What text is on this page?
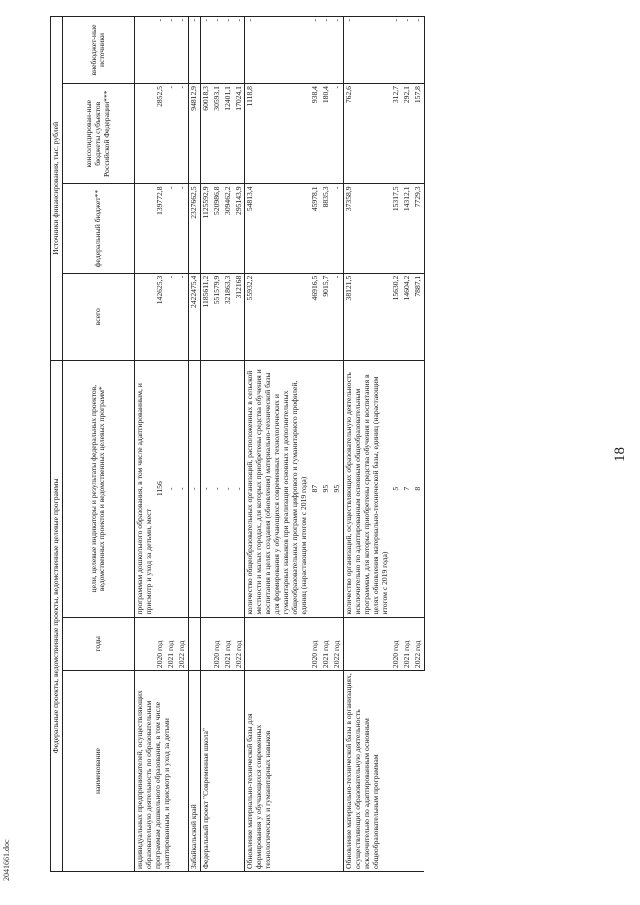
18
Федеральные проекты, ведомственные проекты, ведомственные целевые программы			Источники финансирования, тыс. рублей			
наименование	годы	цели, целевые индикаторы и результаты федеральных проектов, ведомственных проектов и ведомственных целевых программ*	всего	федеральный бюджет**	консолидирован-ные бюджеты субъектов Российской Федерации***	внебюджет-ные источники
индивидуальных предпринимателей, осуществляющих образовательную деятельность по образовательным программам дошкольного образования, в том числе адаптированным, и присмотр и уход за детьми		программам дошкольного образования, в том числе адаптированным, и присмотр и уход за детьми, мест				
	2020 год	1156	142625,3	139772,8	2852,5	-
	2021 год	-	-	-	-	-
	2022 год	-	-	-	-	-
Забайкальский край		-	2422475,4	2327662,5	94812,9	-
Федеральный проект "Современная школа"		-	1185611,2	1125592,9	60018,3	-
	2020 год	-	551579,9	520986,8	30593,1	-
	2021 год	-	321863,3	309462,2	12401,1	-
	2022 год	-	312168	295143,9	17024,1	-
Обновление материально-технической базы для формирования у обучающихся современных технологических и гуманитарных навыков		количество общеобразовательных организаций, расположенных в сельской местности и малых городах, для которых приобретены средства обучения и воспитания в целях создания (обновления) материально-технической базы для формирования у обучающихся современных технологических и гуманитарных навыков при реализации основных и дополнительных общеобразовательных программ цифрового и гуманитарного профилей, единиц (нарастающим итогом с 2019 года)	55932,2	54813,4	1118,8	-
	2020 год	87	46916,5	45978,1	938,4	-
	2021 год	95	9015,7	8835,3	180,4	-
	2022 год	95	-	-	-	-
Обновление материально-технической базы в организациях, осуществляющих образовательную деятельность исключительно по адаптированным основным общеобразовательным программам		количество организаций, осуществляющих образовательную деятельность исключительно по адаптированным основным общеобразовательным программам, для которых приобретены средства обучения и воспитания в целях обновления материально-технической базы, единиц (нарастающим итогом с 2019 года)	38121,5	37358,9	762,6	-
	2020 год	5	15630,2	15317,5	312,7	-
	2021 год	7	14604,2	14312,1	292,1	-
	2022 год	8	7887,1	7729,3	157,8	-
2041661.doc
